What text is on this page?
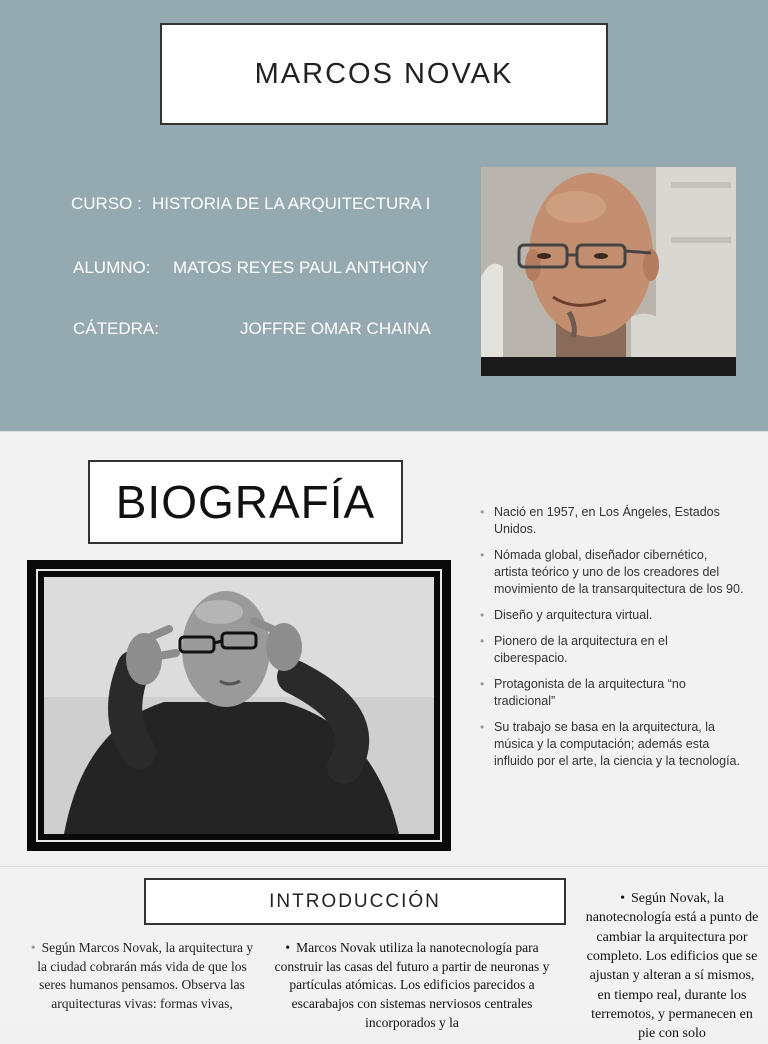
MARCOS NOVAK
CURSO : HISTORIA DE LA ARQUITECTURA I
ALUMNO: MATOS REYES PAUL ANTHONY
CÁTEDRA:	JOFFRE OMAR CHAINA
BIOGRAFÍA
•	Nació en 1957, en Los Ángeles, Estados Unidos.
• Nómada global, diseñador cibernético, artista teórico y uno de los creadores del movimiento de la transarquitectura de los 90.
• Diseño y arquitectura virtual.
• Pionero de la arquitectura en el ciberespacio.
• Protagonista de la arquitectura “no tradicional”
• Su trabajo se basa en la arquitectura, la música y la computación; además esta influido por el arte, la ciencia y la tecnología.
INTRODUCCIÓN
• Según Marcos Novak, la arquitectura y la ciudad cobrarán más vida de que los seres humanos pensamos. Observa las arquitecturas vivas: formas vivas,
• Marcos Novak utiliza la nanotecnología para construir las casas del futuro a partir de neuronas y partículas atómicas. Los edificios parecidos a escarabajos con sistemas nerviosos centrales incorporados y la
• Según Novak, la nanotecnología está a punto de cambiar la arquitectura por completo. Los edificios que se ajustan y alteran a sí mismos, en tiempo real, durante los terremotos, y permanecen en pie con solo
